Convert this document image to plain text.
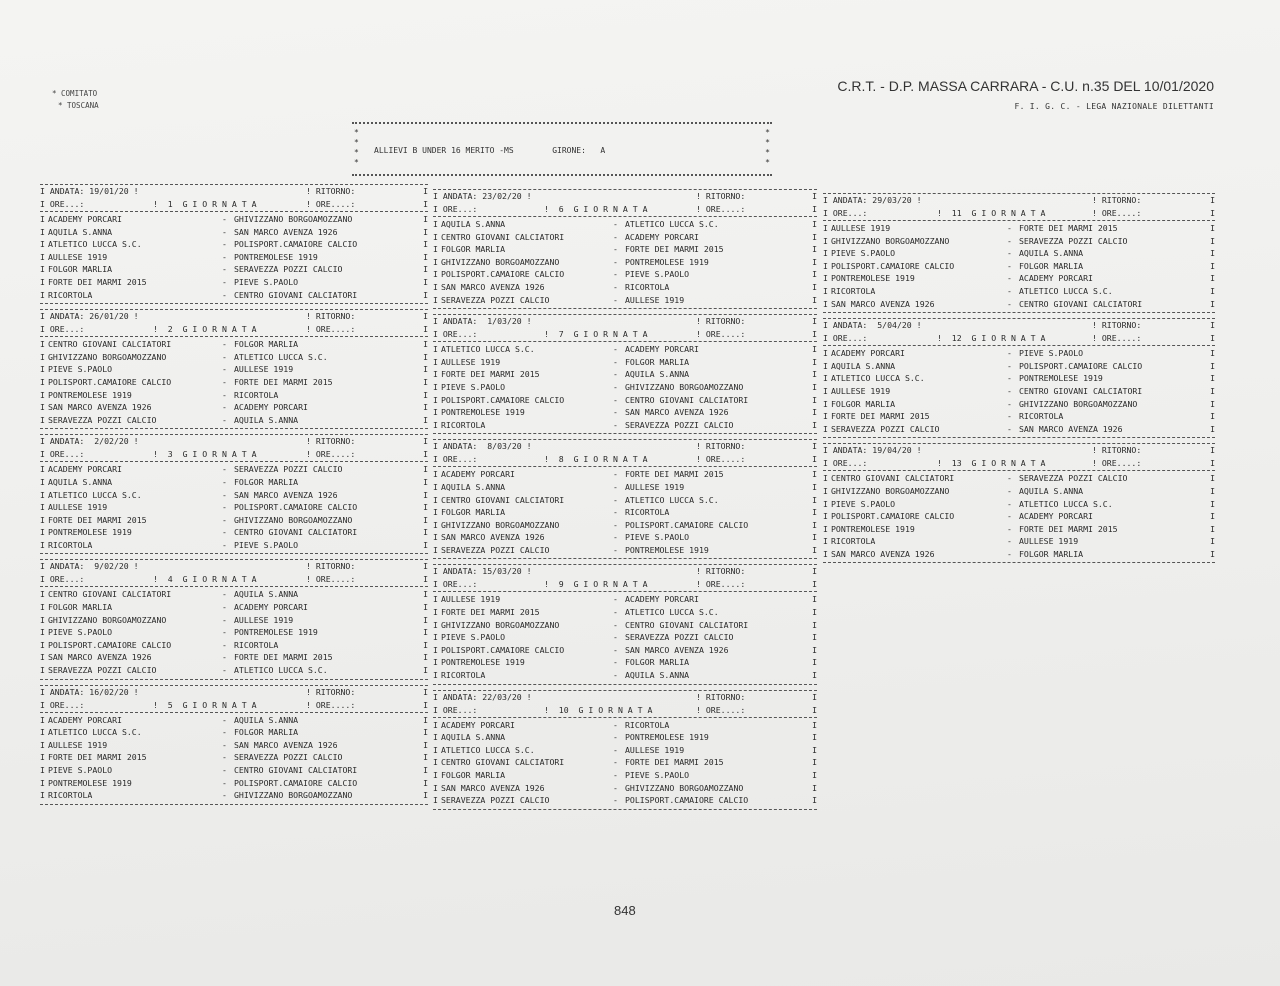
* COMITATO
* TOSCANA
C.R.T. - D.P. MASSA CARRARA - C.U. n.35 DEL 10/01/2020
F. I. G. C. - LEGA NAZIONALE DILETTANTI
*
*
*
*
*
*
*
*
ALLIEVI B UNDER 16 MERITO -MS	GIRONE:   A
I ANDATA: 19/01/20 !	! RITORNO:	I
I ORE...:	!  1  G I O R N A T A	! ORE....:	I
I ACADEMY PORCARI	- GHIVIZZANO BORGOAMOZZANO	I
I AQUILA S.ANNA	- SAN MARCO AVENZA 1926	I
I ATLETICO LUCCA S.C.	- POLISPORT.CAMAIORE CALCIO	I
I AULLESE 1919	- PONTREMOLESE 1919	I
I FOLGOR MARLIA	- SERAVEZZA POZZI CALCIO	I
I FORTE DEI MARMI 2015	- PIEVE S.PAOLO	I
I RICORTOLA	- CENTRO GIOVANI CALCIATORI	I
I ANDATA: 26/01/20 !	! RITORNO:	I
I ORE...:	!  2  G I O R N A T A	! ORE....:	I
I CENTRO GIOVANI CALCIATORI	- FOLGOR MARLIA	I
I GHIVIZZANO BORGOAMOZZANO	- ATLETICO LUCCA S.C.	I
I PIEVE S.PAOLO	- AULLESE 1919	I
I POLISPORT.CAMAIORE CALCIO	- FORTE DEI MARMI 2015	I
I PONTREMOLESE 1919	- RICORTOLA	I
I SAN MARCO AVENZA 1926	- ACADEMY PORCARI	I
I SERAVEZZA POZZI CALCIO	- AQUILA S.ANNA	I
I ANDATA:  2/02/20 !	! RITORNO:	I
I ORE...:	!  3  G I O R N A T A	! ORE....:	I
I ACADEMY PORCARI	- SERAVEZZA POZZI CALCIO	I
I AQUILA S.ANNA	- FOLGOR MARLIA	I
I ATLETICO LUCCA S.C.	- SAN MARCO AVENZA 1926	I
I AULLESE 1919	- POLISPORT.CAMAIORE CALCIO	I
I FORTE DEI MARMI 2015	- GHIVIZZANO BORGOAMOZZANO	I
I PONTREMOLESE 1919	- CENTRO GIOVANI CALCIATORI	I
I RICORTOLA	- PIEVE S.PAOLO	I
I ANDATA:  9/02/20 !	! RITORNO:	I
I ORE...:	!  4  G I O R N A T A	! ORE....:	I
I CENTRO GIOVANI CALCIATORI	- AQUILA S.ANNA	I
I FOLGOR MARLIA	- ACADEMY PORCARI	I
I GHIVIZZANO BORGOAMOZZANO	- AULLESE 1919	I
I PIEVE S.PAOLO	- PONTREMOLESE 1919	I
I POLISPORT.CAMAIORE CALCIO	- RICORTOLA	I
I SAN MARCO AVENZA 1926	- FORTE DEI MARMI 2015	I
I SERAVEZZA POZZI CALCIO	- ATLETICO LUCCA S.C.	I
I ANDATA: 16/02/20 !	! RITORNO:	I
I ORE...:	!  5  G I O R N A T A	! ORE....:	I
I ACADEMY PORCARI	- AQUILA S.ANNA	I
I ATLETICO LUCCA S.C.	- FOLGOR MARLIA	I
I AULLESE 1919	- SAN MARCO AVENZA 1926	I
I FORTE DEI MARMI 2015	- SERAVEZZA POZZI CALCIO	I
I PIEVE S.PAOLO	- CENTRO GIOVANI CALCIATORI	I
I PONTREMOLESE 1919	- POLISPORT.CAMAIORE CALCIO	I
I RICORTOLA	- GHIVIZZANO BORGOAMOZZANO	I
I ANDATA: 23/02/20 !	! RITORNO:	I
I ORE...:	!  6  G I O R N A T A	! ORE....:	I
I AQUILA S.ANNA	- ATLETICO LUCCA S.C.	I
I CENTRO GIOVANI CALCIATORI	- ACADEMY PORCARI	I
I FOLGOR MARLIA	- FORTE DEI MARMI 2015	I
I GHIVIZZANO BORGOAMOZZANO	- PONTREMOLESE 1919	I
I POLISPORT.CAMAIORE CALCIO	- PIEVE S.PAOLO	I
I SAN MARCO AVENZA 1926	- RICORTOLA	I
I SERAVEZZA POZZI CALCIO	- AULLESE 1919	I
I ANDATA:  1/03/20 !	! RITORNO:	I
I ORE...:	!  7  G I O R N A T A	! ORE....:	I
I ATLETICO LUCCA S.C.	- ACADEMY PORCARI	I
I AULLESE 1919	- FOLGOR MARLIA	I
I FORTE DEI MARMI 2015	- AQUILA S.ANNA	I
I PIEVE S.PAOLO	- GHIVIZZANO BORGOAMOZZANO	I
I POLISPORT.CAMAIORE CALCIO	- CENTRO GIOVANI CALCIATORI	I
I PONTREMOLESE 1919	- SAN MARCO AVENZA 1926	I
I RICORTOLA	- SERAVEZZA POZZI CALCIO	I
I ANDATA:  8/03/20 !	! RITORNO:	I
I ORE...:	!  8  G I O R N A T A	! ORE....:	I
I ACADEMY PORCARI	- FORTE DEI MARMI 2015	I
I AQUILA S.ANNA	- AULLESE 1919	I
I CENTRO GIOVANI CALCIATORI	- ATLETICO LUCCA S.C.	I
I FOLGOR MARLIA	- RICORTOLA	I
I GHIVIZZANO BORGOAMOZZANO	- POLISPORT.CAMAIORE CALCIO	I
I SAN MARCO AVENZA 1926	- PIEVE S.PAOLO	I
I SERAVEZZA POZZI CALCIO	- PONTREMOLESE 1919	I
I ANDATA: 15/03/20 !	! RITORNO:	I
I ORE...:	!  9  G I O R N A T A	! ORE....:	I
I AULLESE 1919	- ACADEMY PORCARI	I
I FORTE DEI MARMI 2015	- ATLETICO LUCCA S.C.	I
I GHIVIZZANO BORGOAMOZZANO	- CENTRO GIOVANI CALCIATORI	I
I PIEVE S.PAOLO	- SERAVEZZA POZZI CALCIO	I
I POLISPORT.CAMAIORE CALCIO	- SAN MARCO AVENZA 1926	I
I PONTREMOLESE 1919	- FOLGOR MARLIA	I
I RICORTOLA	- AQUILA S.ANNA	I
I ANDATA: 22/03/20 !	! RITORNO:	I
I ORE...:	!  10  G I O R N A T A	! ORE....:	I
I ACADEMY PORCARI	- RICORTOLA	I
I AQUILA S.ANNA	- PONTREMOLESE 1919	I
I ATLETICO LUCCA S.C.	- AULLESE 1919	I
I CENTRO GIOVANI CALCIATORI	- FORTE DEI MARMI 2015	I
I FOLGOR MARLIA	- PIEVE S.PAOLO	I
I SAN MARCO AVENZA 1926	- GHIVIZZANO BORGOAMOZZANO	I
I SERAVEZZA POZZI CALCIO	- POLISPORT.CAMAIORE CALCIO	I
I ANDATA: 29/03/20 !	! RITORNO:	I
I ORE...:	!  11  G I O R N A T A	! ORE....:	I
I AULLESE 1919	- FORTE DEI MARMI 2015	I
I GHIVIZZANO BORGOAMOZZANO	- SERAVEZZA POZZI CALCIO	I
I PIEVE S.PAOLO	- AQUILA S.ANNA	I
I POLISPORT.CAMAIORE CALCIO	- FOLGOR MARLIA	I
I PONTREMOLESE 1919	- ACADEMY PORCARI	I
I RICORTOLA	- ATLETICO LUCCA S.C.	I
I SAN MARCO AVENZA 1926	- CENTRO GIOVANI CALCIATORI	I
I ANDATA:  5/04/20 !	! RITORNO:	I
I ORE...:	!  12  G I O R N A T A	! ORE....:	I
I ACADEMY PORCARI	- PIEVE S.PAOLO	I
I AQUILA S.ANNA	- POLISPORT.CAMAIORE CALCIO	I
I ATLETICO LUCCA S.C.	- PONTREMOLESE 1919	I
I AULLESE 1919	- CENTRO GIOVANI CALCIATORI	I
I FOLGOR MARLIA	- GHIVIZZANO BORGOAMOZZANO	I
I FORTE DEI MARMI 2015	- RICORTOLA	I
I SERAVEZZA POZZI CALCIO	- SAN MARCO AVENZA 1926	I
I ANDATA: 19/04/20 !	! RITORNO:	I
I ORE...:	!  13  G I O R N A T A	! ORE....:	I
I CENTRO GIOVANI CALCIATORI	- SERAVEZZA POZZI CALCIO	I
I GHIVIZZANO BORGOAMOZZANO	- AQUILA S.ANNA	I
I PIEVE S.PAOLO	- ATLETICO LUCCA S.C.	I
I POLISPORT.CAMAIORE CALCIO	- ACADEMY PORCARI	I
I PONTREMOLESE 1919	- FORTE DEI MARMI 2015	I
I RICORTOLA	- AULLESE 1919	I
I SAN MARCO AVENZA 1926	- FOLGOR MARLIA	I
848
